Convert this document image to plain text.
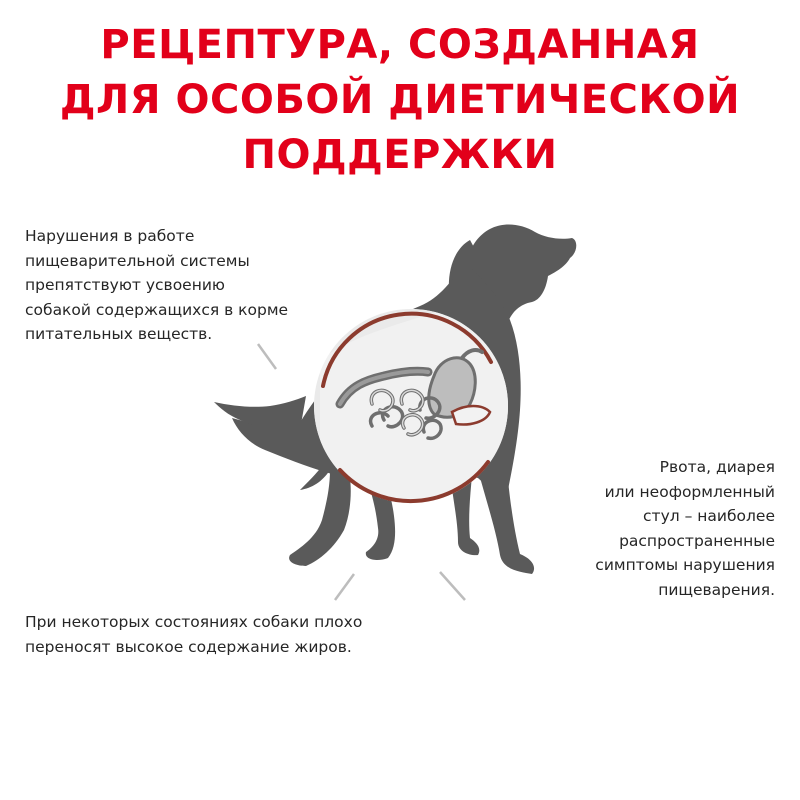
РЕЦЕПТУРА, СОЗДАННАЯ
ДЛЯ ОСОБОЙ ДИЕТИЧЕСКОЙ
ПОДДЕРЖКИ
Нарушения в работе
пищеварительной системы
препятствуют усвоению
собакой содержащихся в корме
питательных веществ.
Рвота, диарея
или неоформленный
стул – наиболее
распространенные
симптомы нарушения
пищеварения.
При некоторых состояниях собаки плохо
переносят высокое содержание жиров.
